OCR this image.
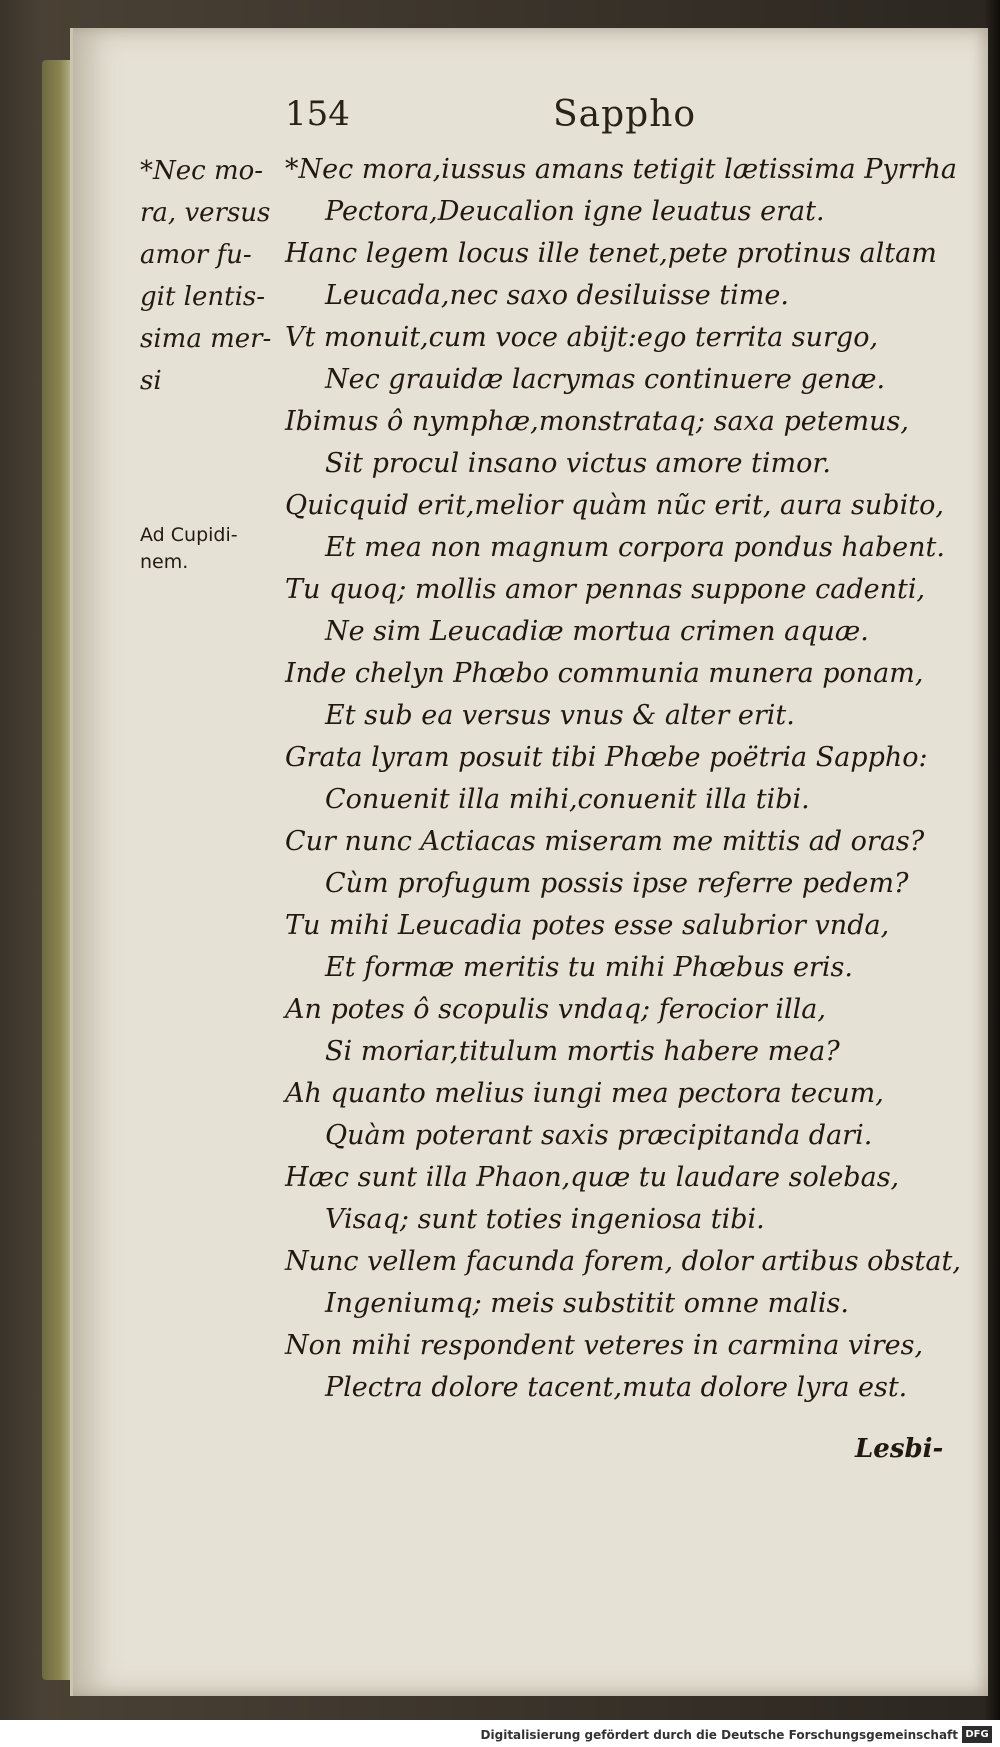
154	Sappho
*Nec mo-
ra, versus
amor fu-
git lentis-
sima mer-
si
Ad Cupidi-
nem.
*Nec mora,iussus amans tetigit lætissima Pyrrha
Pectora,Deucalion igne leuatus erat.
Hanc legem locus ille tenet,pete protinus altam
Leucada,nec saxo desiluisse time.
Vt monuit,cum voce abijt:ego territa surgo,
Nec grauidæ lacrymas continuere genæ.
Ibimus ô nymphæ,monstrataq; saxa petemus,
Sit procul insano victus amore timor.
Quicquid erit,melior quàm nũc erit, aura subito,
Et mea non magnum corpora pondus habent.
Tu quoq; mollis amor pennas suppone cadenti,
Ne sim Leucadiæ mortua crimen aquæ.
Inde chelyn Phœbo communia munera ponam,
Et sub ea versus vnus & alter erit.
Grata lyram posuit tibi Phœbe poëtria Sappho:
Conuenit illa mihi,conuenit illa tibi.
Cur nunc Actiacas miseram me mittis ad oras?
Cùm profugum possis ipse referre pedem?
Tu mihi Leucadia potes esse salubrior vnda,
Et formæ meritis tu mihi Phœbus eris.
An potes ô scopulis vndaq; ferocior illa,
Si moriar,titulum mortis habere mea?
Ah quanto melius iungi mea pectora tecum,
Quàm poterant saxis præcipitanda dari.
Hæc sunt illa Phaon,quæ tu laudare solebas,
Visaq; sunt toties ingeniosa tibi.
Nunc vellem facunda forem, dolor artibus obstat,
Ingeniumq; meis substitit omne malis.
Non mihi respondent veteres in carmina vires,
Plectra dolore tacent,muta dolore lyra est.
Lesbi-
Digitalisierung gefördert durch die Deutsche Forschungsgemeinschaft DFG
